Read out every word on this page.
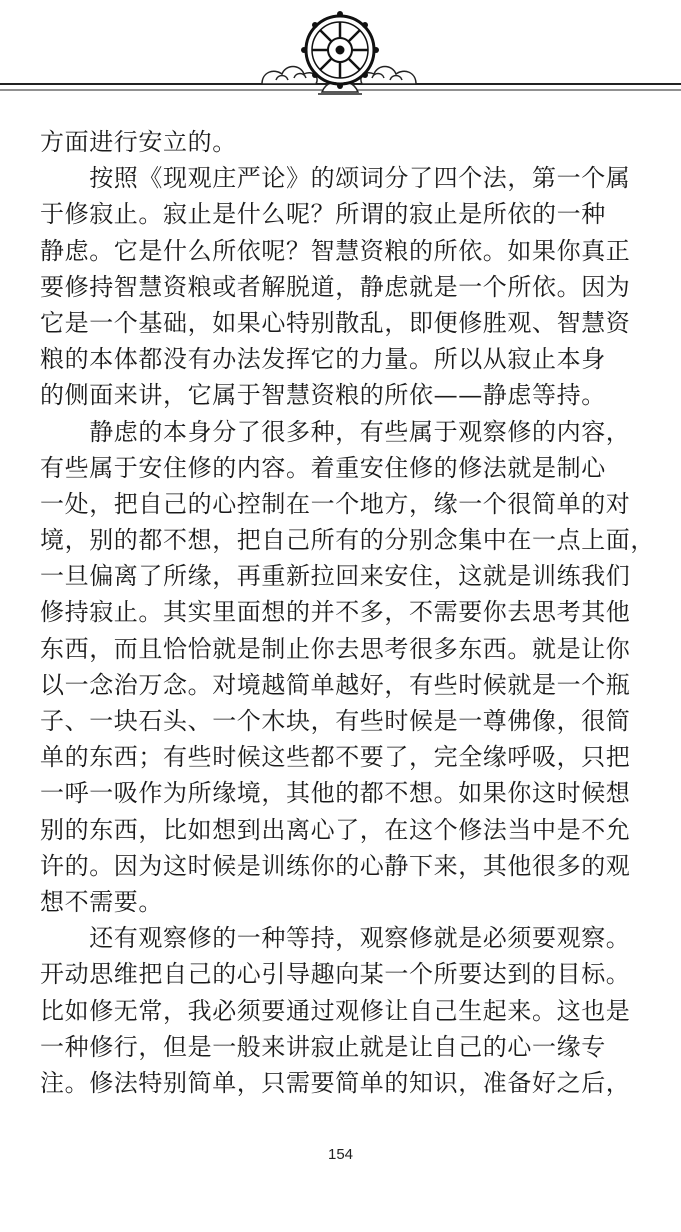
方面进行安立的。
　　按照《现观庄严论》的颂词分了四个法，第一个属
于修寂止。寂止是什么呢？所谓的寂止是所依的一种
静虑。它是什么所依呢？智慧资粮的所依。如果你真正
要修持智慧资粮或者解脱道，静虑就是一个所依。因为
它是一个基础，如果心特别散乱，即便修胜观、智慧资
粮的本体都没有办法发挥它的力量。所以从寂止本身
的侧面来讲，它属于智慧资粮的所依——静虑等持。
　　静虑的本身分了很多种，有些属于观察修的内容，
有些属于安住修的内容。着重安住修的修法就是制心
一处，把自己的心控制在一个地方，缘一个很简单的对
境，别的都不想，把自己所有的分别念集中在一点上面，
一旦偏离了所缘，再重新拉回来安住，这就是训练我们
修持寂止。其实里面想的并不多，不需要你去思考其他
东西，而且恰恰就是制止你去思考很多东西。就是让你
以一念治万念。对境越简单越好，有些时候就是一个瓶
子、一块石头、一个木块，有些时候是一尊佛像，很简
单的东西；有些时候这些都不要了，完全缘呼吸，只把
一呼一吸作为所缘境，其他的都不想。如果你这时候想
别的东西，比如想到出离心了，在这个修法当中是不允
许的。因为这时候是训练你的心静下来，其他很多的观
想不需要。
　　还有观察修的一种等持，观察修就是必须要观察。
开动思维把自己的心引导趣向某一个所要达到的目标。
比如修无常，我必须要通过观修让自己生起来。这也是
一种修行，但是一般来讲寂止就是让自己的心一缘专
注。修法特别简单，只需要简单的知识，准备好之后，
154
